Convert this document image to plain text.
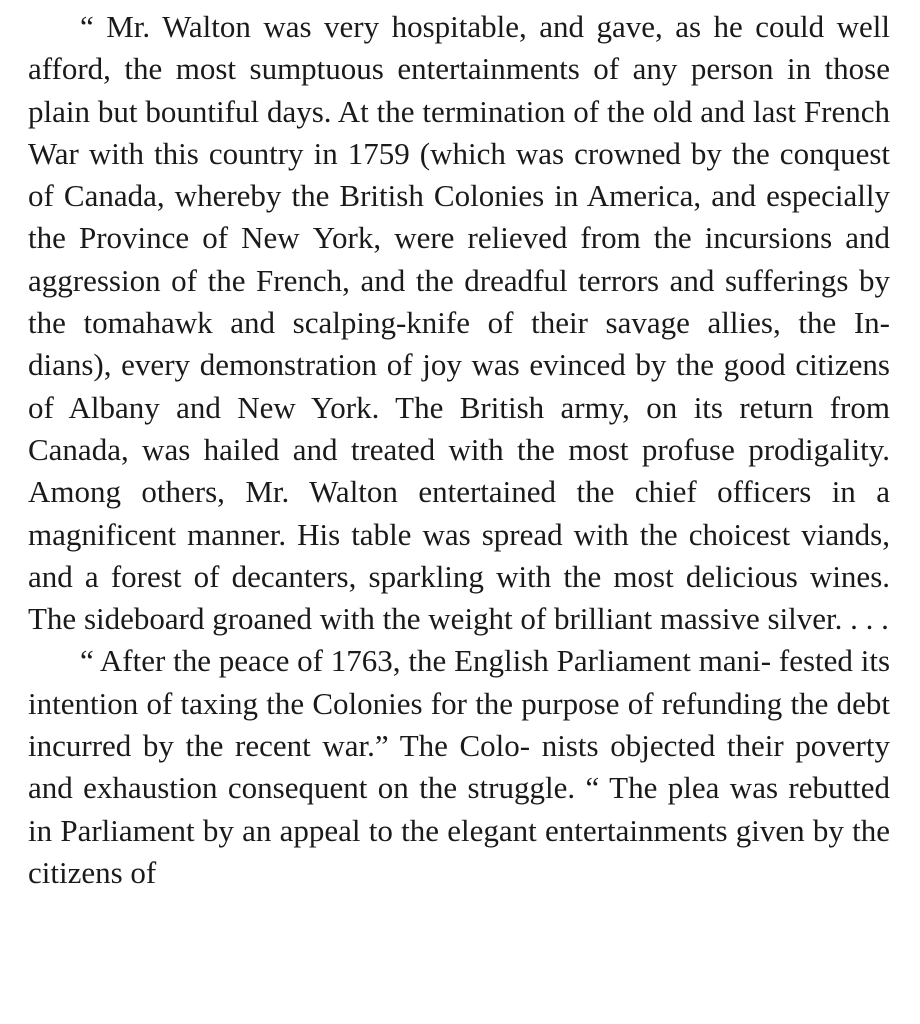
“ Mr. Walton was very hospitable, and gave, as he could well afford, the most sumptuous entertainments of any person in those plain but bountiful days. At the termination of the old and last French War with this country in 1759 (which was crowned by the conquest of Canada, whereby the British Colonies in America, and especially the Province of New York, were relieved from the incursions and aggression of the French, and the dreadful terrors and sufferings by the tomahawk and scalping-knife of their savage allies, the In- dians), every demonstration of joy was evinced by the good citizens of Albany and New York. The British army, on its return from Canada, was hailed and treated with the most profuse prodigality. Among others, Mr. Walton entertained the chief officers in a magnificent manner. His table was spread with the choicest viands, and a forest of decanters, sparkling with the most delicious wines. The sideboard groaned with the weight of brilliant massive silver. . . .

“ After the peace of 1763, the English Parliament mani- fested its intention of taxing the Colonies for the purpose of refunding the debt incurred by the recent war.” The Colo- nists objected their poverty and exhaustion consequent on the struggle. “ The plea was rebutted in Parliament by an appeal to the elegant entertainments given by the citizens of
